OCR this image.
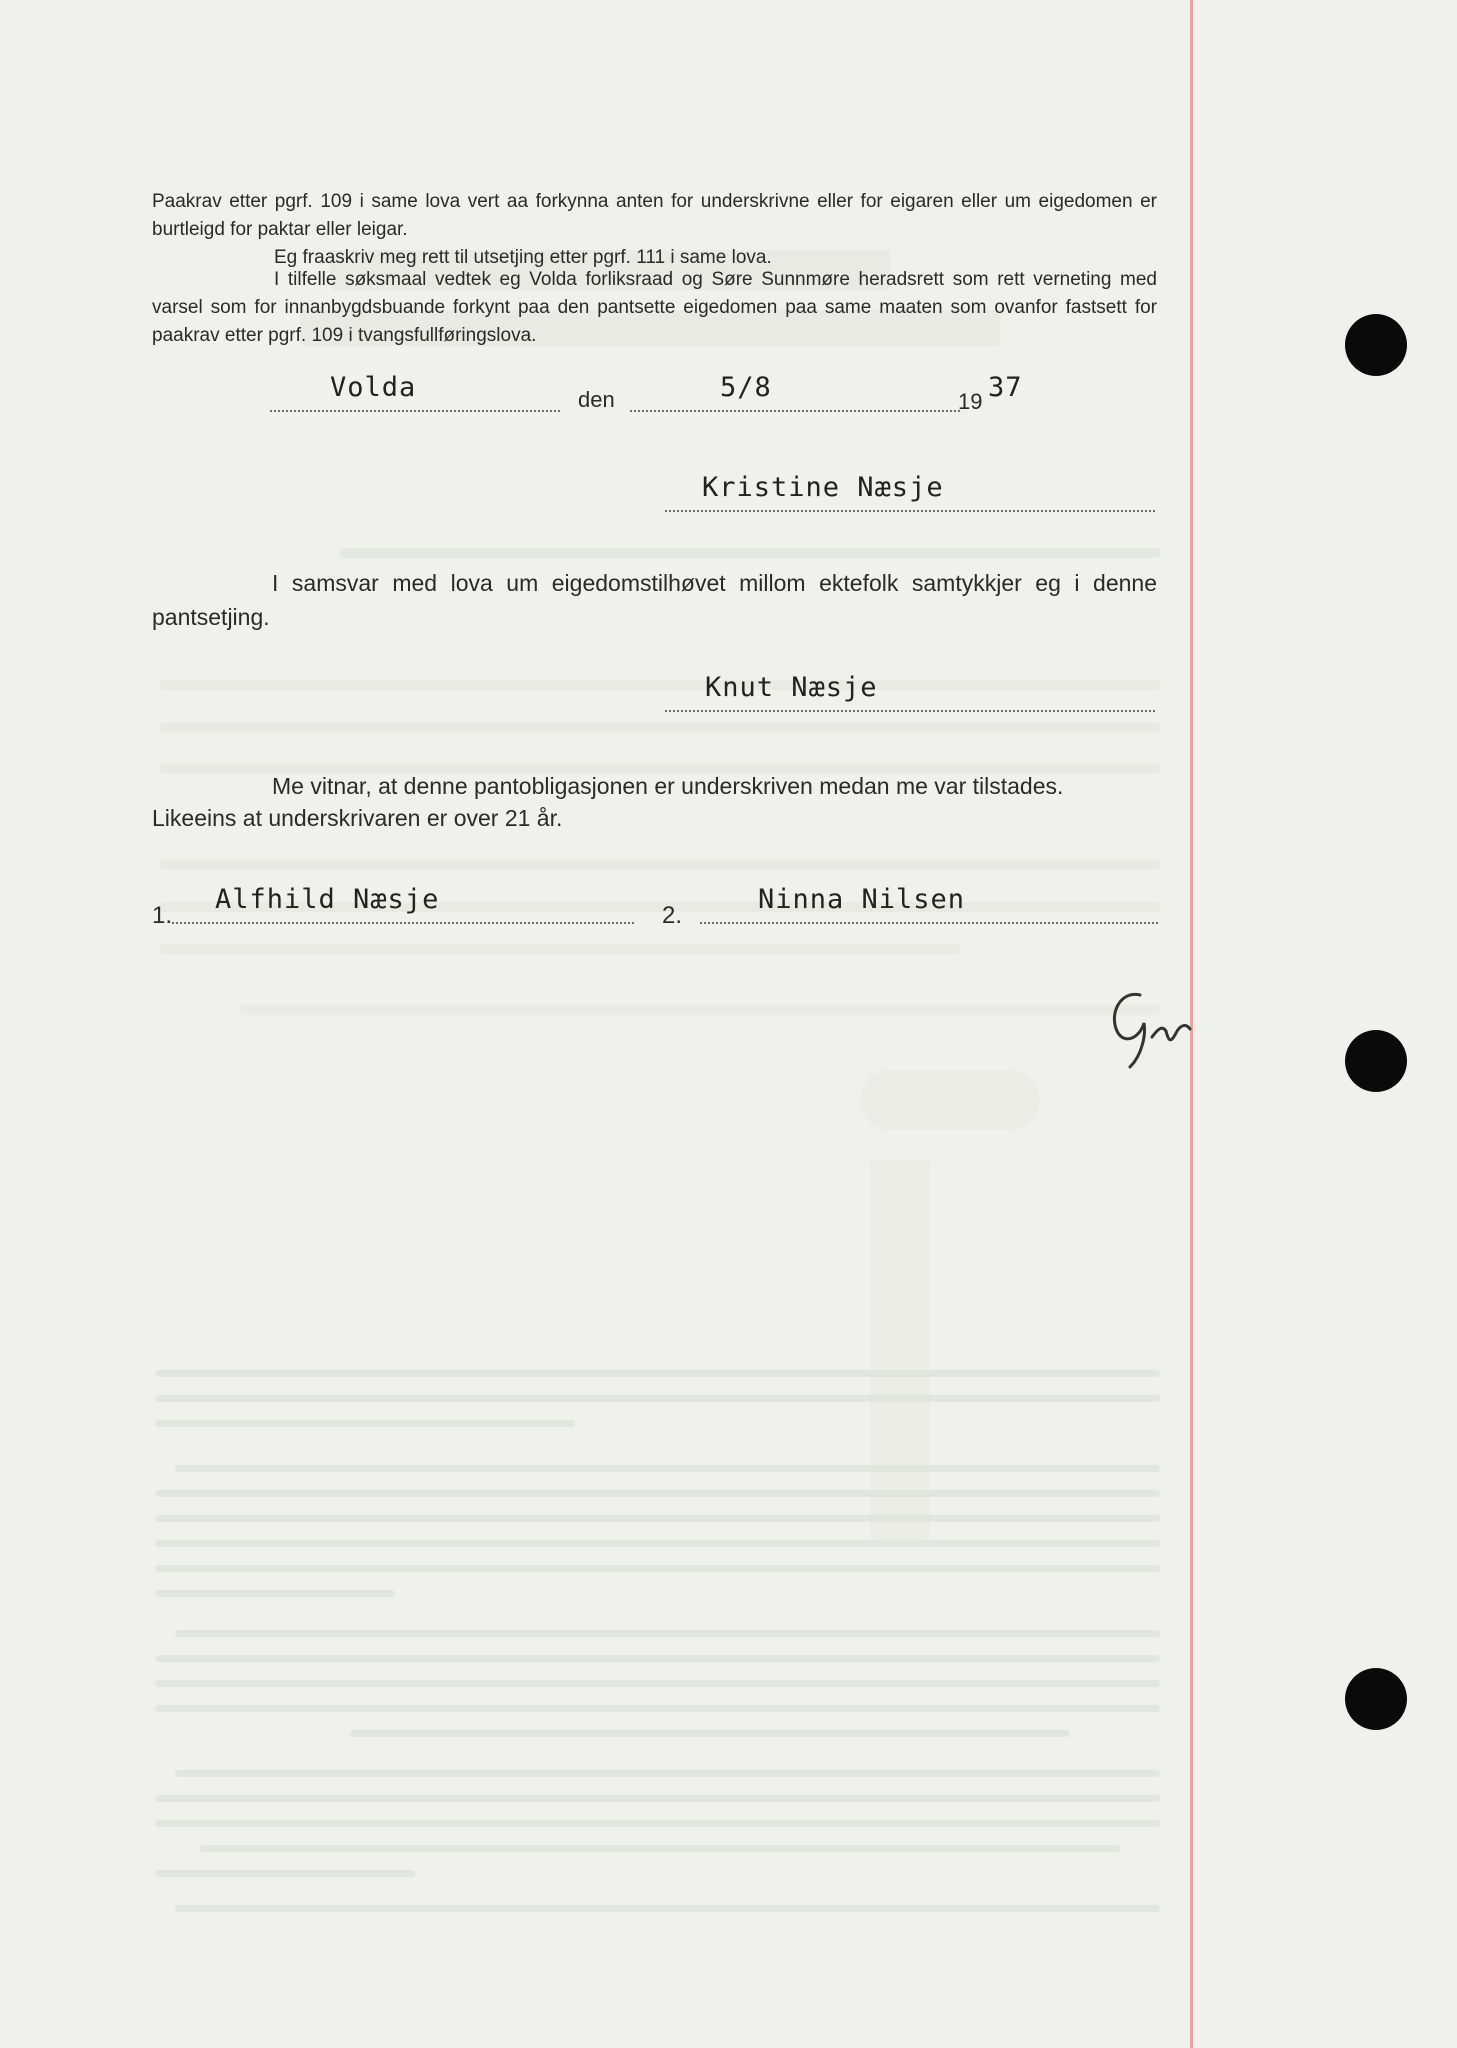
Paakrav etter pgrf. 109 i same lova vert aa forkynna anten for underskrivne eller for eigaren eller um eigedomen er burtleigd for paktar eller leigar.
Eg fraaskriv meg rett til utsetjing etter pgrf. 111 i same lova.
I tilfelle søksmaal vedtek eg Volda forliksraad og Søre Sunnmøre heradsrett som rett verneting med varsel som for innanbygdsbuande forkynt paa den pantsette eigedomen paa same maaten som ovanfor fastsett for paakrav etter pgrf. 109 i tvangsfullføringslova.
Volda	den	5/8	19 37
Kristine Næsje
I samsvar med lova um eigedomstilhøvet millom ektefolk samtykkjer eg i denne pantsetjing.
Knut Næsje
Me vitnar, at denne pantobligasjonen er underskriven medan me var tilstades.
Likeeins at underskrivaren er over 21 år.
1.
Alfhild Næsje
2.
Ninna Nilsen
